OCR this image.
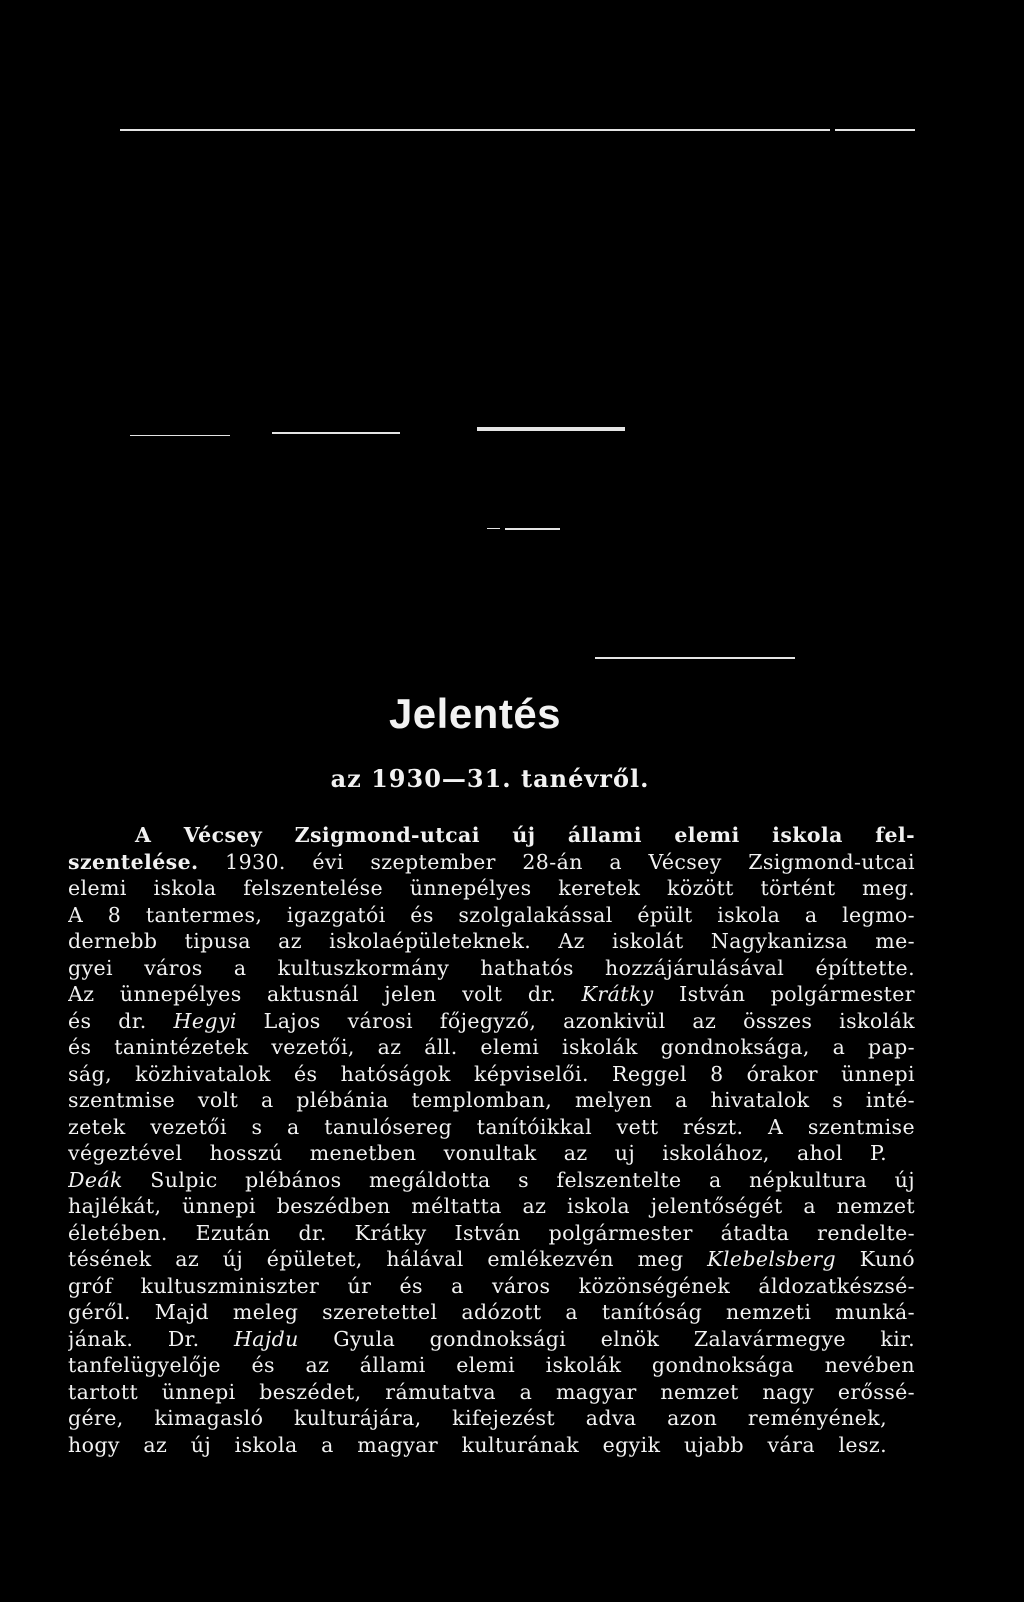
Jelentés
az 1930—31. tanévről.
A Vécsey Zsigmond-utcai új állami elemi iskola fel-
szentelése. 1930. évi szeptember 28-án a Vécsey Zsigmond-utcai
elemi iskola felszentelése ünnepélyes keretek között történt meg.
A 8 tantermes, igazgatói és szolgalakással épült iskola a legmo-
dernebb tipusa az iskolaépületeknek. Az iskolát Nagykanizsa me-
gyei város a kultuszkormány hathatós hozzájárulásával építtette.
Az ünnepélyes aktusnál jelen volt dr. Krátky István polgármester
és dr. Hegyi Lajos városi főjegyző, azonkivül az összes iskolák
és tanintézetek vezetői, az áll. elemi iskolák gondnoksága, a pap-
ság, közhivatalok és hatóságok képviselői. Reggel 8 órakor ünnepi
szentmise volt a plébánia templomban, melyen a hivatalok s inté-
zetek vezetői s a tanulósereg tanítóikkal vett részt. A szentmise
végeztével hosszú menetben vonultak az uj iskolához, ahol P.
Deák Sulpic plébános megáldotta s felszentelte a népkultura új
hajlékát, ünnepi beszédben méltatta az iskola jelentőségét a nemzet
életében. Ezután dr. Krátky István polgármester átadta rendelte-
tésének az új épületet, hálával emlékezvén meg Klebelsberg Kunó
gróf kultuszminiszter úr és a város közönségének áldozatkészsé-
géről. Majd meleg szeretettel adózott a tanítóság nemzeti munká-
jának. Dr. Hajdu Gyula gondnoksági elnök Zalavármegye kir.
tanfelügyelője és az állami elemi iskolák gondnoksága nevében
tartott ünnepi beszédet, rámutatva a magyar nemzet nagy erőssé-
gére, kimagasló kulturájára, kifejezést adva azon reményének,
hogy az új iskola a magyar kulturának egyik ujabb vára lesz.
